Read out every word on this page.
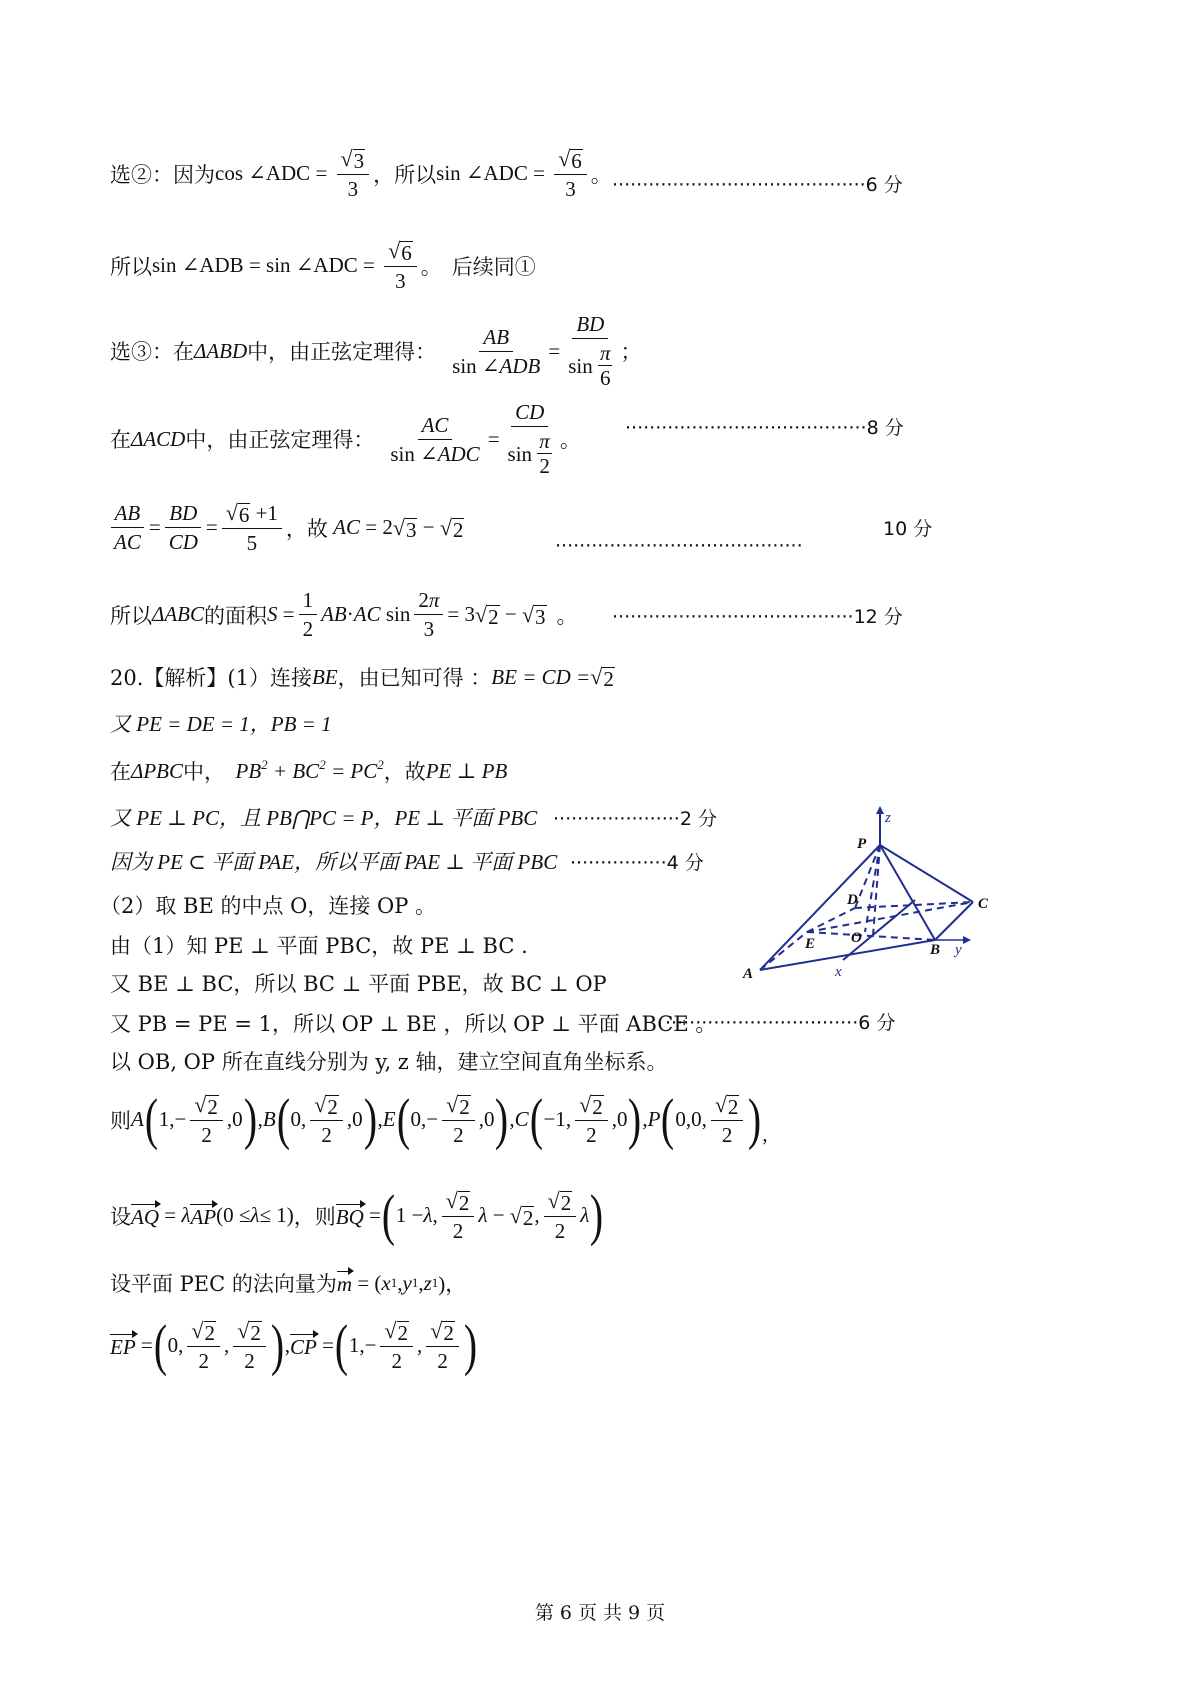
选②：因为 cos ∠ADC = $\frac{√ 3}{3}$ ，所以 sin ∠ADC = $\frac{√ 6}{3}$ 。 ··········································6 分
所以 sin ∠ADB = sin ∠ADC = $\frac{√ 6}{3}$ 。 后续同①
选③：在 ΔABD 中，由正弦定理得： $\frac{AB}{\text{sin ∠ ADB}} = \frac{BD}{\sin \frac{\pi}{6}}$ ；
在 ΔACD 中，由正弦定理得： $\frac{AC}{\text{sin ∠ ADC}} = \frac{CD}{\sin \frac{\pi}{2}}$ 。
········································8 分
$\frac{AB}{AC} = \frac{BD}{CD} = \frac{√ 6 +1}{5}$ ，故 AC = 2 √ 3 − √ 2	10 分
·········································
所以 ΔABC 的面积 $S = \frac{1}{2}$ AB · AC $\sin \frac{2 \pi}{3} = 3$ √ 2 − √ 3 。 ········································12 分
20.【解析】(1）连接 BE ，由已知可得 ： BE = CD = √ 2
又 PE = DE = 1，PB = 1
在 ΔPBC 中， $PB^2 + BC^2 = PC^2$ ，故 PE ⊥ PB
又 PE ⊥ PC，且 PB⋂PC = P，PE ⊥ 平面 PBC ·····················2 分
因为 PE ⊂ 平面 PAE，所以平面 PAE ⊥ 平面 PBC ················4 分
（2）取 BE 的中点 O，连接 OP 。
由（1）知 PE ⊥ 平面 PBC，故 PE ⊥ BC .
又 BE ⊥ BC，所以 BC ⊥ 平面 PBE，故 BC ⊥ OP
又 PB = PE = 1，所以 OP ⊥ BE ，所以 OP ⊥ 平面 ABCE 。
································6 分
以 OB, OP 所在直线分别为 y, z 轴，建立空间直角坐标系。
则 A ( $1,- \frac{√ 2}{2} ,0$ ) , B ( 0, $\frac{√ 2}{2} ,0$ ) , E ( $0,- \frac{√ 2}{2} ,0$ ) , C ( −1, $\frac{√ 2}{2} ,0$ ) , P ( 0,0, $\frac{√ 2}{2}$ ) ,
设 AQ = λ AP (0 ≤ λ ≤ 1) ，则 BQ = ( 1 − λ , $\frac{√ 2}{2}$ λ − √ 2 , $\frac{√ 2}{2}$ λ )
设平面 PEC 的法向量为 m = ( x 1 , y 1 , z 1 )，
EP = ( 0, $\frac{√ 2}{2}$ , $\frac{√ 2}{2}$ ) , CP = ( $1,- \frac{√ 2}{2}$ , $\frac{√ 2}{2}$ )
P
D	C
E O
B
A
z
y
x
第 6 页 共 9 页
